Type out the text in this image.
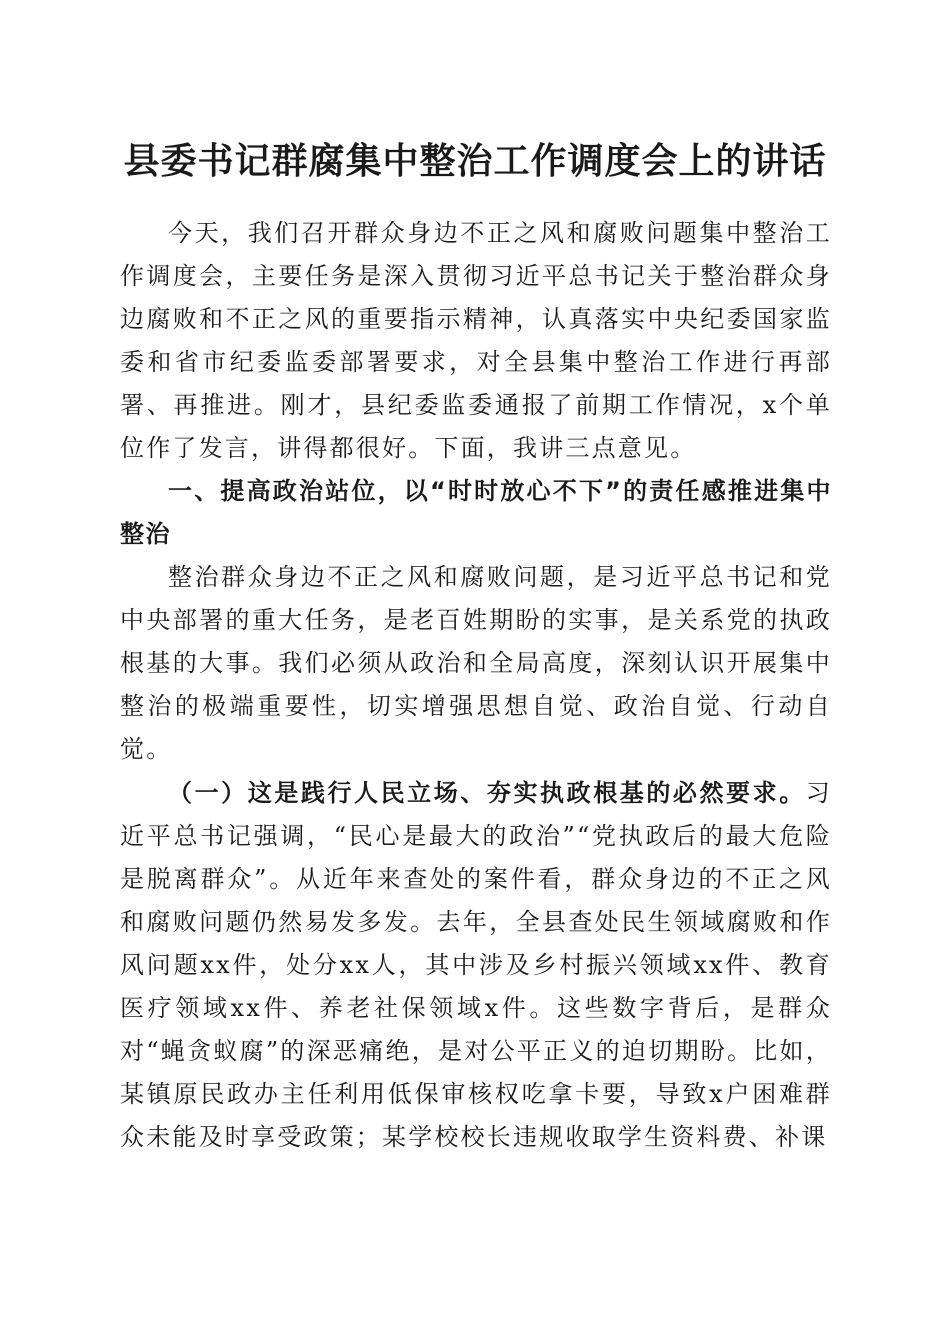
县委书记群腐集中整治工作调度会上的讲话

今天，我们召开群众身边不正之风和腐败问题集中整治工作调度会，主要任务是深入贯彻习近平总书记关于整治群众身边腐败和不正之风的重要指示精神，认真落实中央纪委国家监委和省市纪委监委部署要求，对全县集中整治工作进行再部署、再推进。刚才，县纪委监委通报了前期工作情况，x个单位作了发言，讲得都很好。下面，我讲三点意见。

一、提高政治站位，以“时时放心不下”的责任感推进集中整治

整治群众身边不正之风和腐败问题，是习近平总书记和党中央部署的重大任务，是老百姓期盼的实事，是关系党的执政根基的大事。我们必须从政治和全局高度，深刻认识开展集中整治的极端重要性，切实增强思想自觉、政治自觉、行动自觉。

（一）这是践行人民立场、夯实执政根基的必然要求。习近平总书记强调，“民心是最大的政治”“党执政后的最大危险是脱离群众”。从近年来查处的案件看，群众身边的不正之风和腐败问题仍然易发多发。去年，全县查处民生领域腐败和作风问题xx件，处分xx人，其中涉及乡村振兴领域xx件、教育医疗领域xx件、养老社保领域x件。这些数字背后，是群众对“蝇贪蚁腐”的深恶痛绝，是对公平正义的迫切期盼。比如，某镇原民政办主任利用低保审核权吃拿卡要，导致x户困难群众未能及时享受政策；某学校校长违规收取学生资料费、补课
